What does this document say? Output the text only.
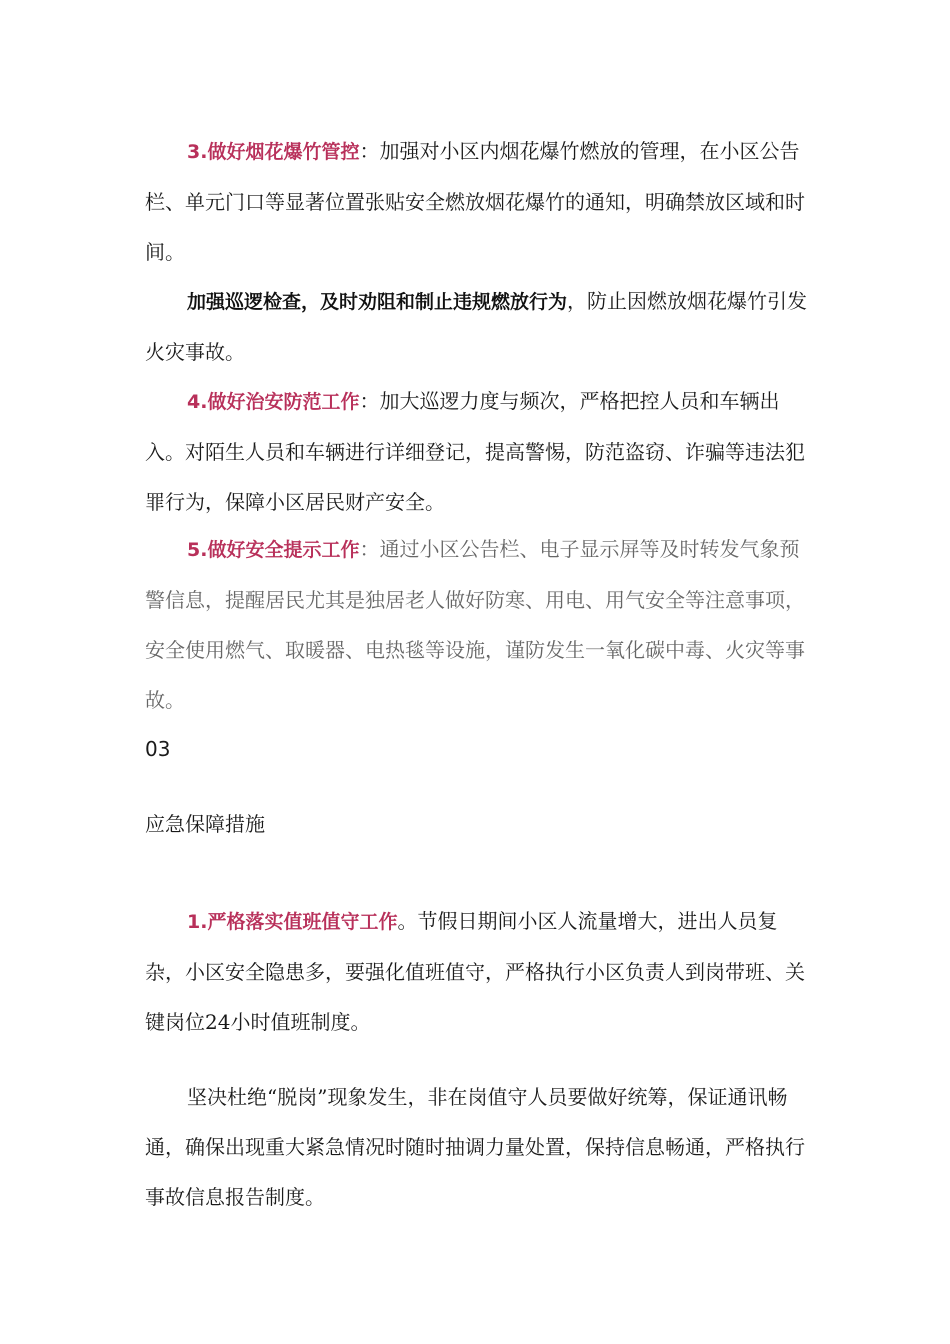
3.做好烟花爆竹管控：加强对小区内烟花爆竹燃放的管理，在小区公告栏、单元门口等显著位置张贴安全燃放烟花爆竹的通知，明确禁放区域和时间。

加强巡逻检查，及时劝阻和制止违规燃放行为，防止因燃放烟花爆竹引发火灾事故。

4.做好治安防范工作：加大巡逻力度与频次，严格把控人员和车辆出入。对陌生人员和车辆进行详细登记，提高警惕，防范盗窃、诈骗等违法犯罪行为，保障小区居民财产安全。

5.做好安全提示工作：通过小区公告栏、电子显示屏等及时转发气象预警信息，提醒居民尤其是独居老人做好防寒、用电、用气安全等注意事项，安全使用燃气、取暖器、电热毯等设施，谨防发生一氧化碳中毒、火灾等事故。

03

应急保障措施

1.严格落实值班值守工作。节假日期间小区人流量增大，进出人员复杂，小区安全隐患多，要强化值班值守，严格执行小区负责人到岗带班、关键岗位24小时值班制度。

坚决杜绝“脱岗”现象发生，非在岗值守人员要做好统筹，保证通讯畅通，确保出现重大紧急情况时随时抽调力量处置，保持信息畅通，严格执行事故信息报告制度。
